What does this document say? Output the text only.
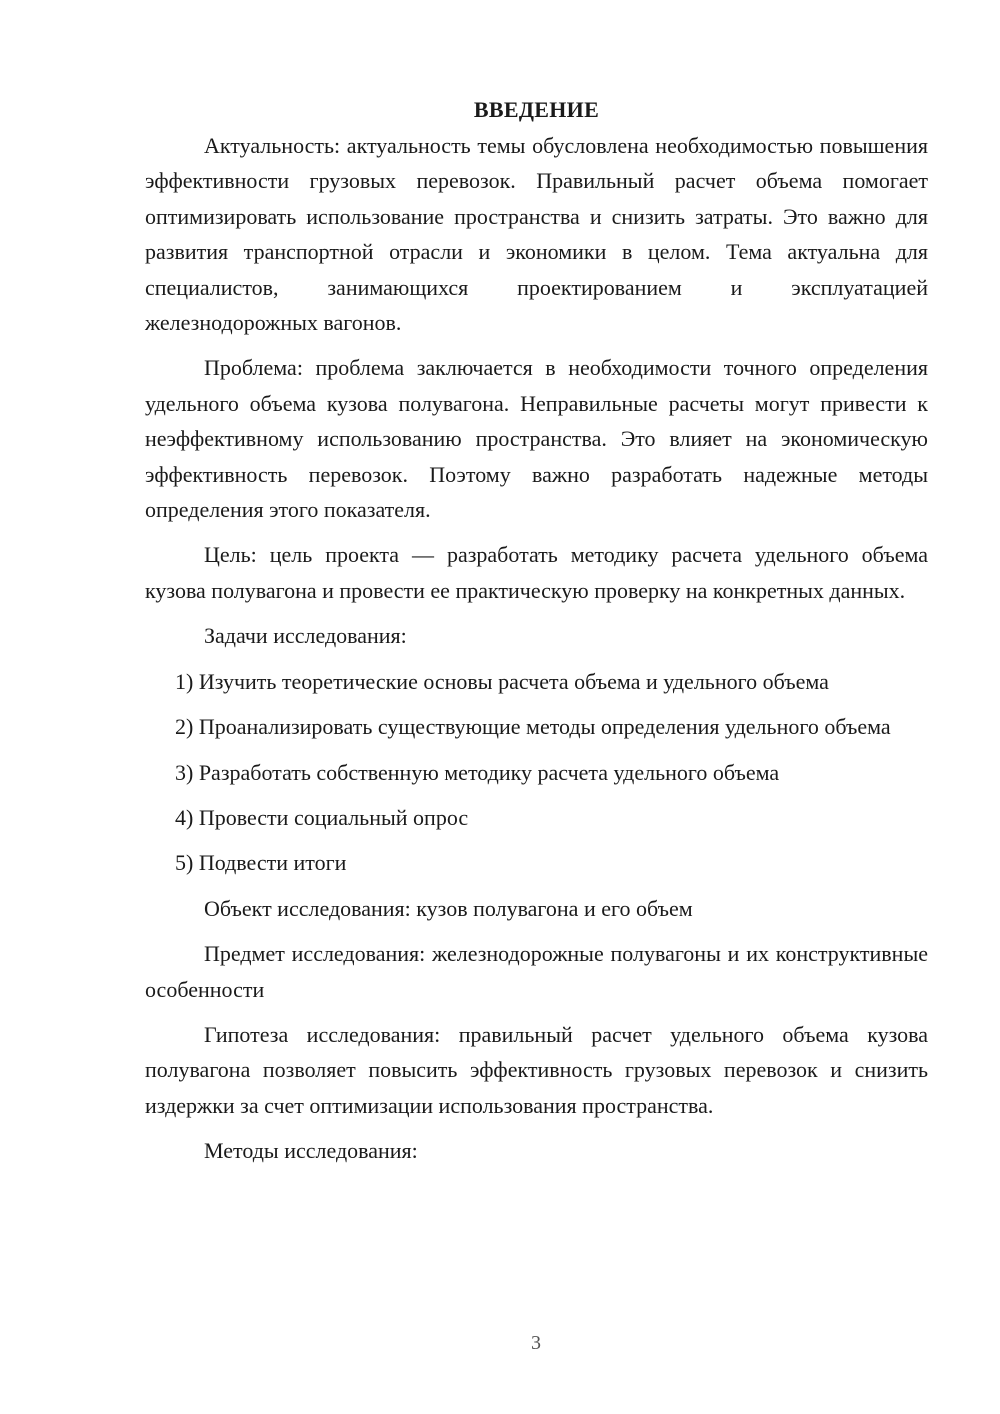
ВВЕДЕНИЕ

Актуальность: актуальность темы обусловлена необходимостью повышения эффективности грузовых перевозок. Правильный расчет объема помогает оптимизировать использование пространства и снизить затраты. Это важно для развития транспортной отрасли и экономики в целом. Тема актуальна для специалистов, занимающихся проектированием и эксплуатацией железнодорожных вагонов.

Проблема: проблема заключается в необходимости точного определения удельного объема кузова полувагона. Неправильные расчеты могут привести к неэффективному использованию пространства. Это влияет на экономическую эффективность перевозок. Поэтому важно разработать надежные методы определения этого показателя.

Цель: цель проекта — разработать методику расчета удельного объема кузова полувагона и провести ее практическую проверку на конкретных данных.

Задачи исследования:

1) Изучить теоретические основы расчета объема и удельного объема

2) Проанализировать существующие методы определения удельного объема

3) Разработать собственную методику расчета удельного объема

4) Провести социальный опрос

5) Подвести итоги

Объект исследования: кузов полувагона и его объем

Предмет исследования: железнодорожные полувагоны и их конструктивные особенности

Гипотеза исследования: правильный расчет удельного объема кузова полувагона позволяет повысить эффективность грузовых перевозок и снизить издержки за счет оптимизации использования пространства.

Методы исследования:

3
